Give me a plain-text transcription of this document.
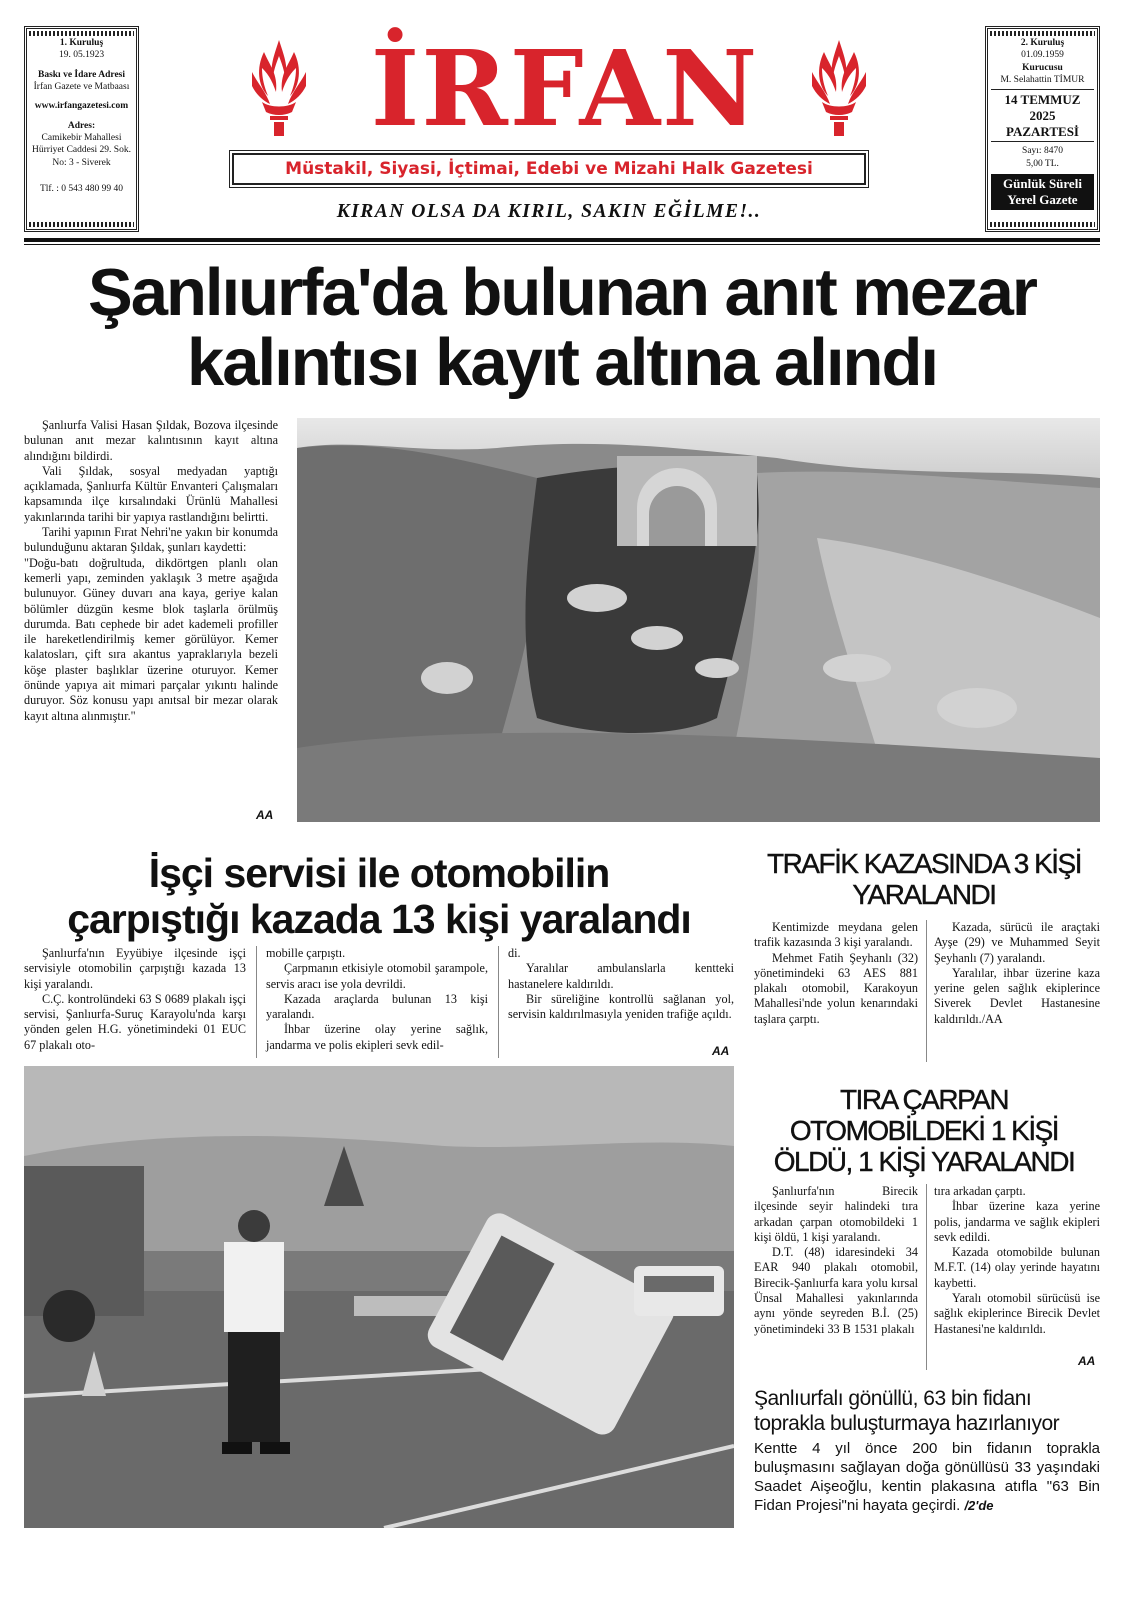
1. Kuruluş
19. 05.1923
Baskı ve İdare Adresi
İrfan Gazete ve Matbaası
www.irfangazetesi.com
Adres:
Camikebir Mahallesi
Hürriyet Caddesi 29. Sok.
No: 3 - Siverek
Tlf. : 0 543 480 99 40
İRFAN
Müstakil, Siyasi, İçtimai, Edebi ve Mizahi Halk Gazetesi
KIRAN OLSA DA KIRIL, SAKIN EĞİLME!..
2. Kuruluş
01.09.1959
Kurucusu
M. Selahattin TİMUR
14 TEMMUZ
2025
PAZARTESİ
Sayı: 8470
5,00 TL.
Günlük Süreli
Yerel Gazete
Şanlıurfa'da bulunan anıt mezar
kalıntısı kayıt altına alındı

Şanlıurfa Valisi Hasan Şıldak, Bozova ilçesinde bulunan anıt mezar kalıntısının kayıt altına alındığını bildirdi.

Vali Şıldak, sosyal medyadan yaptığı açıklamada, Şanlıurfa Kültür Envanteri Çalışmaları kapsamında ilçe kırsalındaki Ürünlü Mahallesi yakınlarında tarihi bir yapıya rastlandığını belirtti.

Tarihi yapının Fırat Nehri'ne yakın bir konumda bulunduğunu aktaran Şıldak, şunları kaydetti:

"Doğu-batı doğrultuda, dikdörtgen planlı olan kemerli yapı, zeminden yaklaşık 3 metre aşağıda bulunuyor. Güney duvarı ana kaya, geriye kalan bölümler düzgün kesme blok taşlarla örülmüş durumda. Batı cephede bir adet kademeli profiller ile hareketlendirilmiş kemer görülüyor. Kemer kalatosları, çift sıra akantus yapraklarıyla bezeli köşe plaster başlıklar üzerine oturuyor. Kemer önünde yapıya ait mimari parçalar yıkıntı halinde duruyor. Söz konusu yapı anıtsal bir mezar olarak kayıt altına alınmıştır."

AA
İşçi servisi ile otomobilin
çarpıştığı kazada 13 kişi yaralandı

Şanlıurfa'nın Eyyübiye ilçesinde işçi servisiyle otomobilin çarpıştığı kazada 13 kişi yaralandı.

C.Ç. kontrolündeki 63 S 0689 plakalı işçi servisi, Şanlıurfa-Suruç Karayolu'nda karşı yönden gelen H.G. yönetimindeki 01 EUC 67 plakalı oto-

mobille çarpıştı.

Çarpmanın etkisiyle otomobil şarampole, servis aracı ise yola devrildi.

Kazada araçlarda bulunan 13 kişi yaralandı.

İhbar üzerine olay yerine sağlık, jandarma ve polis ekipleri sevk edil-

di.

Yaralılar ambulanslarla kentteki hastanelere kaldırıldı.

Bir süreliğine kontrollü sağlanan yol, servisin kaldırılmasıyla yeniden trafiğe açıldı.

AA
TRAFİK KAZASINDA 3 KİŞİ
YARALANDI

Kentimizde meydana gelen trafik kazasında 3 kişi yaralandı.

Mehmet Fatih Şeyhanlı (32) yönetimindeki 63 AES 881 plakalı otomobil, Karakoyun Mahallesi'nde yolun kenarındaki taşlara çarptı.

Kazada, sürücü ile araçtaki Ayşe (29) ve Muhammed Seyit Şeyhanlı (7) yaralandı.

Yaralılar, ihbar üzerine kaza yerine gelen sağlık ekiplerince Siverek Devlet Hastanesine kaldırıldı./AA

TIRA ÇARPAN
OTOMOBİLDEKİ 1 KİŞİ
ÖLDÜ, 1 KİŞİ YARALANDI

Şanlıurfa'nın Birecik ilçesinde seyir halindeki tıra arkadan çarpan otomobildeki 1 kişi öldü, 1 kişi yaralandı.

D.T. (48) idaresindeki 34 EAR 940 plakalı otomobil, Birecik-Şanlıurfa kara yolu kırsal Ünsal Mahallesi yakınlarında aynı yönde seyreden B.İ. (25) yönetimindeki 33 B 1531 plakalı

tıra arkadan çarptı.

İhbar üzerine kaza yerine polis, jandarma ve sağlık ekipleri sevk edildi.

Kazada otomobilde bulunan M.F.T. (14) olay yerinde hayatını kaybetti.

Yaralı otomobil sürücüsü ise sağlık ekiplerince Birecik Devlet Hastanesi'ne kaldırıldı.

AA
Şanlıurfalı gönüllü, 63 bin fidanı
toprakla buluşturmaya hazırlanıyor
Kentte 4 yıl önce 200 bin fidanın toprakla buluşmasını sağlayan doğa gönüllüsü 33 yaşındaki Saadet Aişeoğlu, kentin plakasına atıfla "63 Bin Fidan Projesi"ni hayata geçirdi. /2'de
